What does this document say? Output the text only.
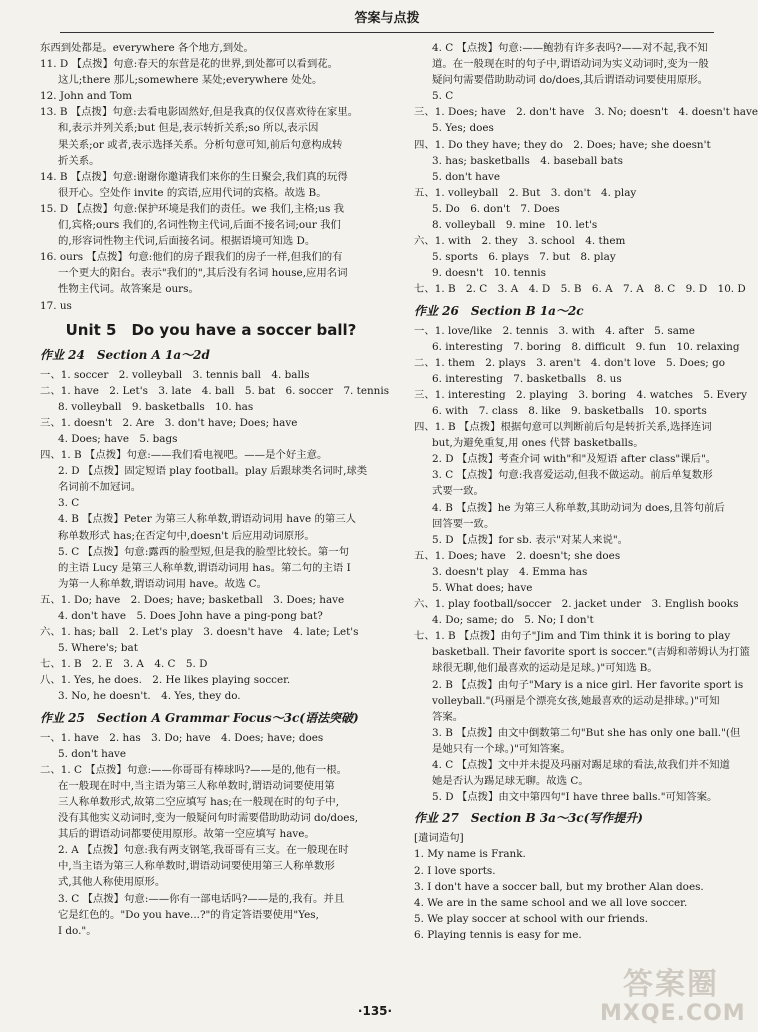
答案与点拨
东西到处都是。everywhere 各个地方,到处。
11. D 【点拨】句意:春天的东营是花的世界,到处都可以看到花。
这儿;there 那儿;somewhere 某处;everywhere 处处。
12. John and Tom
13. B 【点拨】句意:去看电影固然好,但是我真的仅仅喜欢待在家里。
和,表示并列关系;but 但是,表示转折关系;so 所以,表示因
果关系;or 或者,表示选择关系。分析句意可知,前后句意构成转
折关系。
14. B 【点拨】句意:谢谢你邀请我们来你的生日聚会,我们真的玩得
很开心。空处作 invite 的宾语,应用代词的宾格。故选 B。
15. D 【点拨】句意:保护环境是我们的责任。we 我们,主格;us 我
们,宾格;ours 我们的,名词性物主代词,后面不接名词;our 我们
的,形容词性物主代词,后面接名词。根据语境可知选 D。
16. ours 【点拨】句意:他们的房子跟我们的房子一样,但我们的有
一个更大的阳台。表示"我们的",其后没有名词 house,应用名词
性物主代词。故答案是 ours。
17. us
Unit 5　Do you have a soccer ball?
作业 24　Section A 1a～2d
一、1. soccer　2. volleyball　3. tennis ball　4. balls
二、1. have　2. Let's　3. late　4. ball　5. bat　6. soccer　7. tennis
8. volleyball　9. basketballs　10. has
三、1. doesn't　2. Are　3. don't have; Does; have
4. Does; have　5. bags
四、1. B 【点拨】句意:——我们看电视吧。——是个好主意。
2. D 【点拨】固定短语 play football。play 后跟球类名词时,球类
名词前不加冠词。
3. C
4. B 【点拨】Peter 为第三人称单数,谓语动词用 have 的第三人
称单数形式 has;在否定句中,doesn't 后应用动词原形。
5. C 【点拨】句意:露西的脸型短,但是我的脸型比较长。第一句
的主语 Lucy 是第三人称单数,谓语动词用 has。第二句的主语 I
为第一人称单数,谓语动词用 have。故选 C。
五、1. Do; have　2. Does; have; basketball　3. Does; have
4. don't have　5. Does John have a ping-pong bat?
六、1. has; ball　2. Let's play　3. doesn't have　4. late; Let's
5. Where's; bat
七、1. B　2. E　3. A　4. C　5. D
八、1. Yes, he does.　2. He likes playing soccer.
3. No, he doesn't.　4. Yes, they do.
作业 25　Section A Grammar Focus～3c(语法突破)
一、1. have　2. has　3. Do; have　4. Does; have; does
5. don't have
二、1. C 【点拨】句意:——你哥哥有棒球吗?——是的,他有一根。
在一般现在时中,当主语为第三人称单数时,谓语动词要使用第
三人称单数形式,故第二空应填写 has;在一般现在时的句子中,
没有其他实义动词时,变为一般疑问句时需要借助助动词 do/does,
其后的谓语动词都要使用原形。故第一空应填写 have。
2. A 【点拨】句意:我有两支钢笔,我哥哥有三支。在一般现在时
中,当主语为第三人称单数时,谓语动词要使用第三人称单数形
式,其他人称使用原形。
3. C 【点拨】句意:——你有一部电话吗?——是的,我有。并且
它是红色的。"Do you have...?"的肯定答语要使用"Yes,
I do."。
4. C 【点拨】句意:——鲍勃有许多表吗?——对不起,我不知
道。在一般现在时的句子中,谓语动词为实义动词时,变为一般
疑问句需要借助助动词 do/does,其后谓语动词要使用原形。
5. C
三、1. Does; have　2. don't have　3. No; doesn't　4. doesn't have
5. Yes; does
四、1. Do they have; they do　2. Does; have; she doesn't
3. has; basketballs　4. baseball bats
5. don't have
五、1. volleyball　2. But　3. don't　4. play
5. Do　6. don't　7. Does
8. volleyball　9. mine　10. let's
六、1. with　2. they　3. school　4. them
5. sports　6. plays　7. but　8. play
9. doesn't　10. tennis
七、1. B　2. C　3. A　4. D　5. B　6. A　7. A　8. C　9. D　10. D
作业 26　Section B 1a～2c
一、1. love/like　2. tennis　3. with　4. after　5. same
6. interesting　7. boring　8. difficult　9. fun　10. relaxing
二、1. them　2. plays　3. aren't　4. don't love　5. Does; go
6. interesting　7. basketballs　8. us
三、1. interesting　2. playing　3. boring　4. watches　5. Every
6. with　7. class　8. like　9. basketballs　10. sports
四、1. B 【点拨】根据句意可以判断前后句是转折关系,选择连词
but,为避免重复,用 ones 代替 basketballs。
2. D 【点拨】考查介词 with"和"及短语 after class"课后"。
3. C 【点拨】句意:我喜爱运动,但我不做运动。前后单复数形
式要一致。
4. B 【点拨】he 为第三人称单数,其助动词为 does,且答句前后
回答要一致。
5. D 【点拨】for sb. 表示"对某人来说"。
五、1. Does; have　2. doesn't; she does
3. doesn't play　4. Emma has
5. What does; have
六、1. play football/soccer　2. jacket under　3. English books
4. Do; same; do　5. No; I don't
七、1. B 【点拨】由句子"Jim and Tim think it is boring to play
basketball. Their favorite sport is soccer."(吉姆和蒂姆认为打篮
球很无聊,他们最喜欢的运动是足球。)"可知选 B。
2. B 【点拨】由句子"Mary is a nice girl. Her favorite sport is
volleyball."(玛丽是个漂亮女孩,她最喜欢的运动是排球。)"可知
答案。
3. B 【点拨】由文中倒数第二句"But she has only one ball."(但
是她只有一个球。)"可知答案。
4. C 【点拨】文中并未提及玛丽对踢足球的看法,故我们并不知道
她是否认为踢足球无聊。故选 C。
5. D 【点拨】由文中第四句"I have three balls."可知答案。
作业 27　Section B 3a～3c(写作提升)
[遣词造句]
1. My name is Frank.
2. I love sports.
3. I don't have a soccer ball, but my brother Alan does.
4. We are in the same school and we all love soccer.
5. We play soccer at school with our friends.
6. Playing tennis is easy for me.
·135·
答案圈
MXQE.COM
